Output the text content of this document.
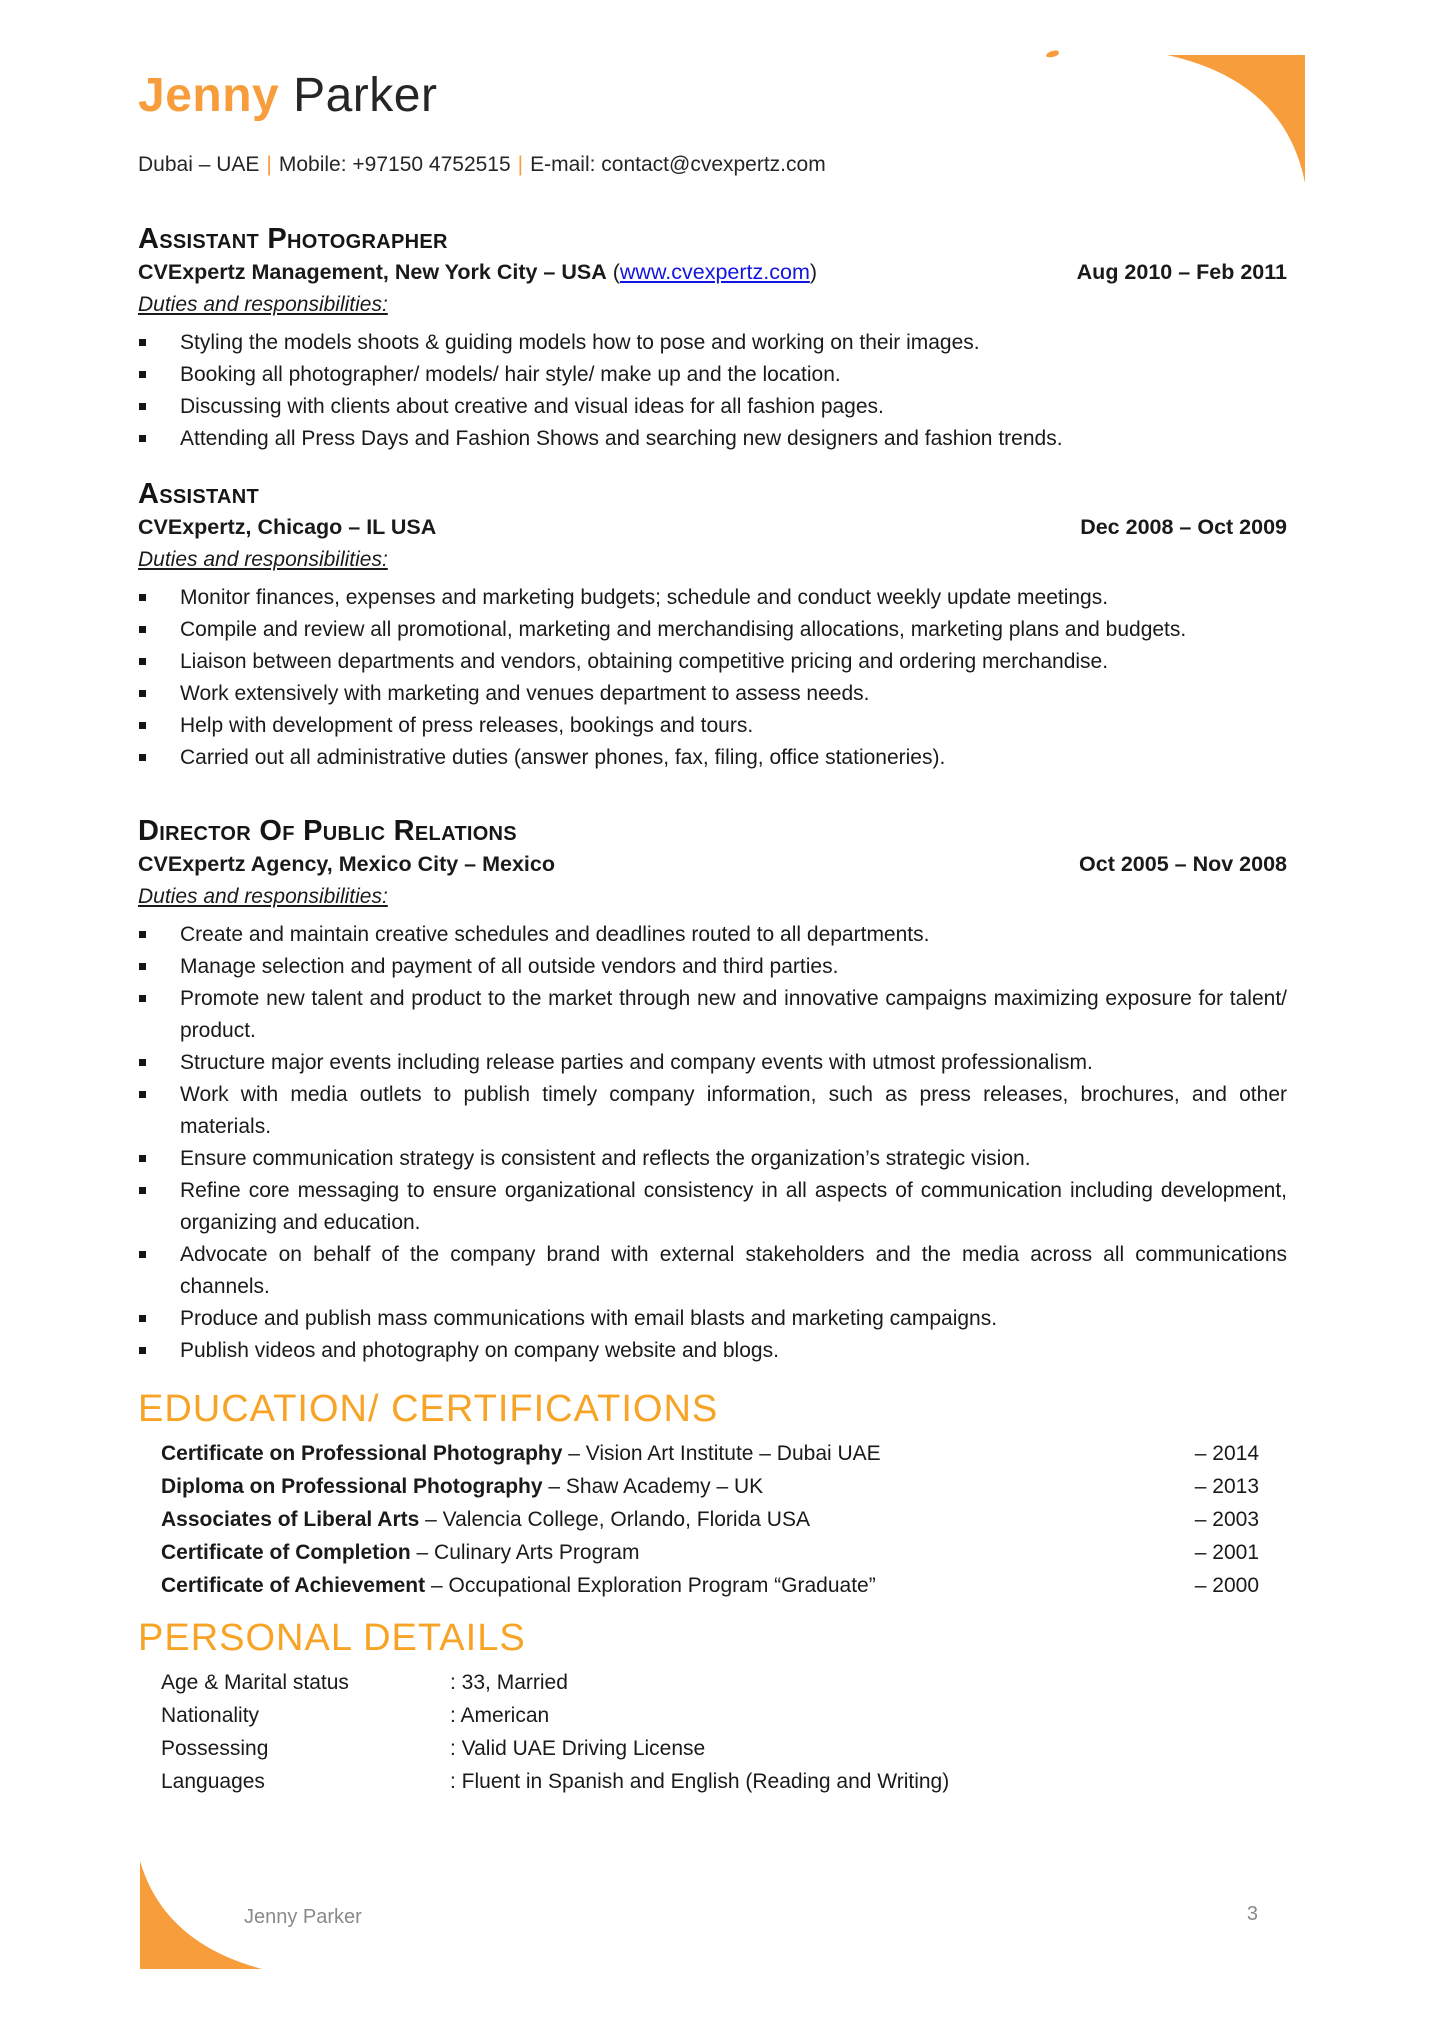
Jenny Parker
Dubai – UAE | Mobile: +97150 4752515 | E-mail: contact@cvexpertz.com
Assistant Photographer
CVExpertz Management, New York City – USA (www.cvexpertz.com)	Aug 2010 – Feb 2011
Duties and responsibilities:
Styling the models shoots & guiding models how to pose and working on their images.
Booking all photographer/ models/ hair style/ make up and the location.
Discussing with clients about creative and visual ideas for all fashion pages.
Attending all Press Days and Fashion Shows and searching new designers and fashion trends.
Assistant
CVExpertz, Chicago – IL USA	Dec 2008 – Oct 2009
Duties and responsibilities:
Monitor finances, expenses and marketing budgets; schedule and conduct weekly update meetings.
Compile and review all promotional, marketing and merchandising allocations, marketing plans and budgets.
Liaison between departments and vendors, obtaining competitive pricing and ordering merchandise.
Work extensively with marketing and venues department to assess needs.
Help with development of press releases, bookings and tours.
Carried out all administrative duties (answer phones, fax, filing, office stationeries).
Director Of Public Relations
CVExpertz Agency, Mexico City – Mexico	Oct 2005 – Nov 2008
Duties and responsibilities:
Create and maintain creative schedules and deadlines routed to all departments.
Manage selection and payment of all outside vendors and third parties.
Promote new talent and product to the market through new and innovative campaigns maximizing exposure for talent/ product.
Structure major events including release parties and company events with utmost professionalism.
Work with media outlets to publish timely company information, such as press releases, brochures, and other materials.
Ensure communication strategy is consistent and reflects the organization’s strategic vision.
Refine core messaging to ensure organizational consistency in all aspects of communication including development, organizing and education.
Advocate on behalf of the company brand with external stakeholders and the media across all communications channels.
Produce and publish mass communications with email blasts and marketing campaigns.
Publish videos and photography on company website and blogs.
EDUCATION/ CERTIFICATIONS
Certificate on Professional Photography – Vision Art Institute – Dubai UAE	– 2014
Diploma on Professional Photography – Shaw Academy – UK	– 2013
Associates of Liberal Arts – Valencia College, Orlando, Florida USA	– 2003
Certificate of Completion – Culinary Arts Program	– 2001
Certificate of Achievement – Occupational Exploration Program “Graduate”	– 2000
PERSONAL DETAILS
Age & Marital status	: 33, Married
Nationality	: American
Possessing	: Valid UAE Driving License
Languages	: Fluent in Spanish and English (Reading and Writing)
Jenny Parker	3
